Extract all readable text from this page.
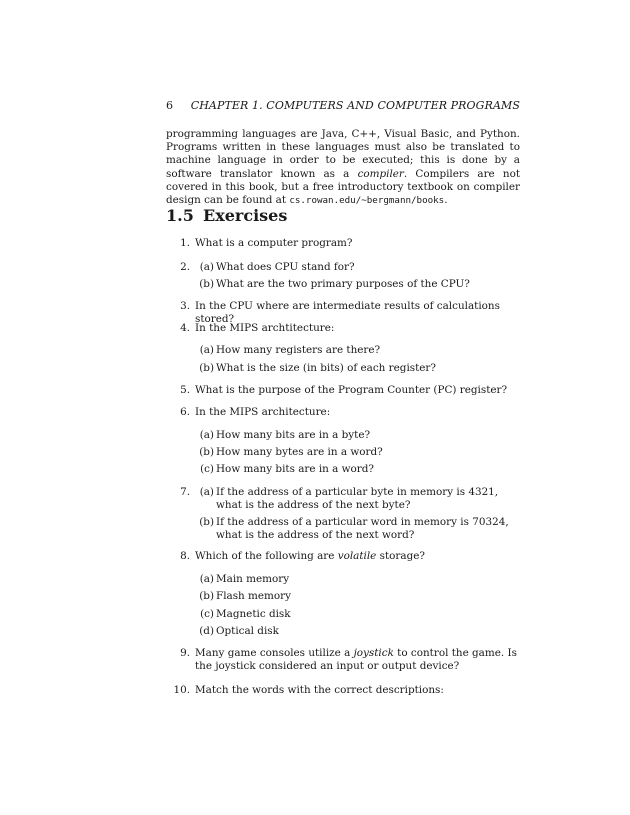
6 CHAPTER 1. COMPUTERS AND COMPUTER PROGRAMS

programming languages are Java, C++, Visual Basic, and Python. Programs written in these languages must also be translated to machine language in order to be executed; this is done by a software translator known as a compiler. Compilers are not covered in this book, but a free introductory textbook on compiler design can be found at cs.rowan.edu/~bergmann/books.

1.5 Exercises
1. What is a computer program?
2. (a) What does CPU stand for?
(b) What are the two primary purposes of the CPU?
3. In the CPU where are intermediate results of calculations stored?
4. In the MIPS archtitecture:
(a) How many registers are there?
(b) What is the size (in bits) of each register?
5. What is the purpose of the Program Counter (PC) register?
6. In the MIPS architecture:
(a) How many bits are in a byte?
(b) How many bytes are in a word?
(c) How many bits are in a word?
7. (a) If the address of a particular byte in memory is 4321, what is the address of the next byte?
(b) If the address of a particular word in memory is 70324, what is the address of the next word?
8. Which of the following are volatile storage?
(a) Main memory
(b) Flash memory
(c) Magnetic disk
(d) Optical disk
9. Many game consoles utilize a joystick to control the game. Is the joystick considered an input or output device?
10. Match the words with the correct descriptions:
